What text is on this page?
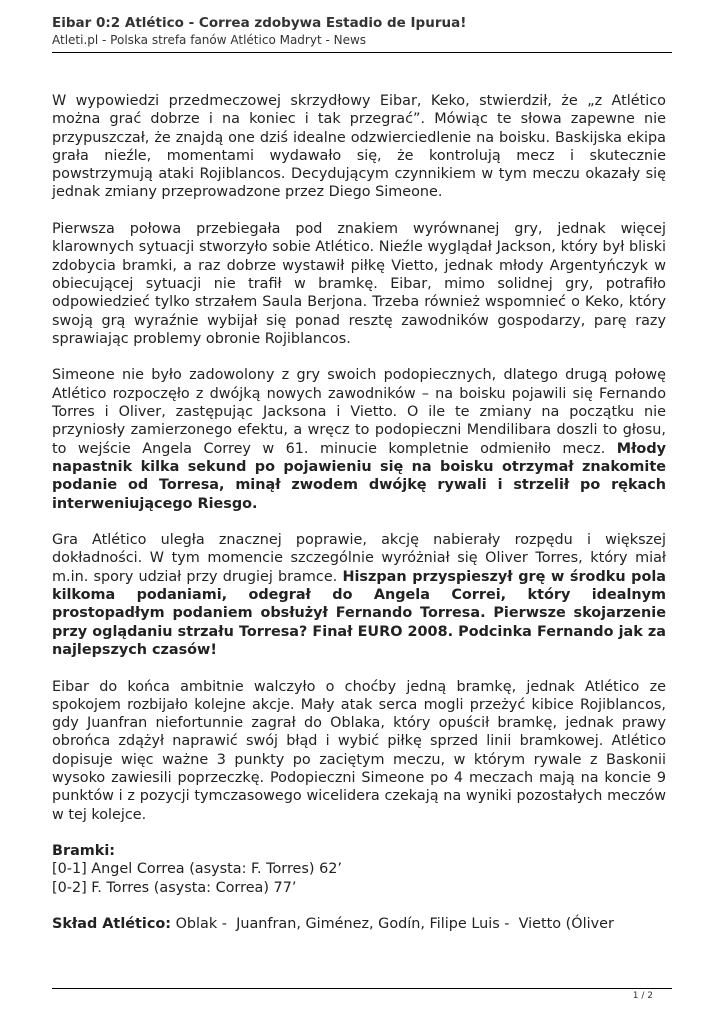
Eibar 0:2 Atlético - Correa zdobywa Estadio de Ipurua!
Atleti.pl - Polska strefa fanów Atlético Madryt - News

W wypowiedzi przedmeczowej skrzydłowy Eibar, Keko, stwierdził, że „z Atlético można grać dobrze i na koniec i tak przegrać”. Mówiąc te słowa zapewne nie przypuszczał, że znajdą one dziś idealne odzwierciedlenie na boisku. Baskijska ekipa grała nieźle, momentami wydawało się, że kontrolują mecz i skutecznie powstrzymują ataki Rojiblancos. Decydującym czynnikiem w tym meczu okazały się jednak zmiany przeprowadzone przez Diego Simeone.

Pierwsza połowa przebiegała pod znakiem wyrównanej gry, jednak więcej klarownych sytuacji stworzyło sobie Atlético. Nieźle wyglądał Jackson, który był bliski zdobycia bramki, a raz dobrze wystawił piłkę Vietto, jednak młody Argentyńczyk w obiecującej sytuacji nie trafił w bramkę. Eibar, mimo solidnej gry, potrafiło odpowiedzieć tylko strzałem Saula Berjona. Trzeba również wspomnieć o Keko, który swoją grą wyraźnie wybijał się ponad resztę zawodników gospodarzy, parę razy sprawiając problemy obronie Rojiblancos.

Simeone nie było zadowolony z gry swoich podopiecznych, dlatego drugą połowę Atlético rozpoczęło z dwójką nowych zawodników – na boisku pojawili się Fernando Torres i Oliver, zastępując Jacksona i Vietto. O ile te zmiany na początku nie przyniosły zamierzonego efektu, a wręcz to podopieczni Mendilibara doszli to głosu, to wejście Angela Correy w 61. minucie kompletnie odmieniło mecz. Młody napastnik kilka sekund po pojawieniu się na boisku otrzymał znakomite podanie od Torresa, minął zwodem dwójkę rywali i strzelił po rękach interweniującego Riesgo.

Gra Atlético uległa znacznej poprawie, akcję nabierały rozpędu i większej dokładności. W tym momencie szczególnie wyróżniał się Oliver Torres, który miał m.in. spory udział przy drugiej bramce. Hiszpan przyspieszył grę w środku pola kilkoma podaniami, odegrał do Angela Correi, który idealnym prostopadłym podaniem obsłużył Fernando Torresa. Pierwsze skojarzenie przy oglądaniu strzału Torresa? Finał EURO 2008. Podcinka Fernando jak za najlepszych czasów!

Eibar do końca ambitnie walczyło o choćby jedną bramkę, jednak Atlético ze spokojem rozbijało kolejne akcje. Mały atak serca mogli przeżyć kibice Rojiblancos, gdy Juanfran niefortunnie zagrał do Oblaka, który opuścił bramkę, jednak prawy obrońca zdążył naprawić swój błąd i wybić piłkę sprzed linii bramkowej. Atlético dopisuje więc ważne 3 punkty po zaciętym meczu, w którym rywale z Baskonii wysoko zawiesili poprzeczkę. Podopieczni Simeone po 4 meczach mają na koncie 9 punktów i z pozycji tymczasowego wicelidera czekają na wyniki pozostałych meczów w tej kolejce.

Bramki:

[0-1] Angel Correa (asysta: F. Torres) 62’

[0-2] F. Torres (asysta: Correa) 77’

Skład Atlético: Oblak -  Juanfran, Giménez, Godín, Filipe Luis -  Vietto (Óliver

1 / 2
